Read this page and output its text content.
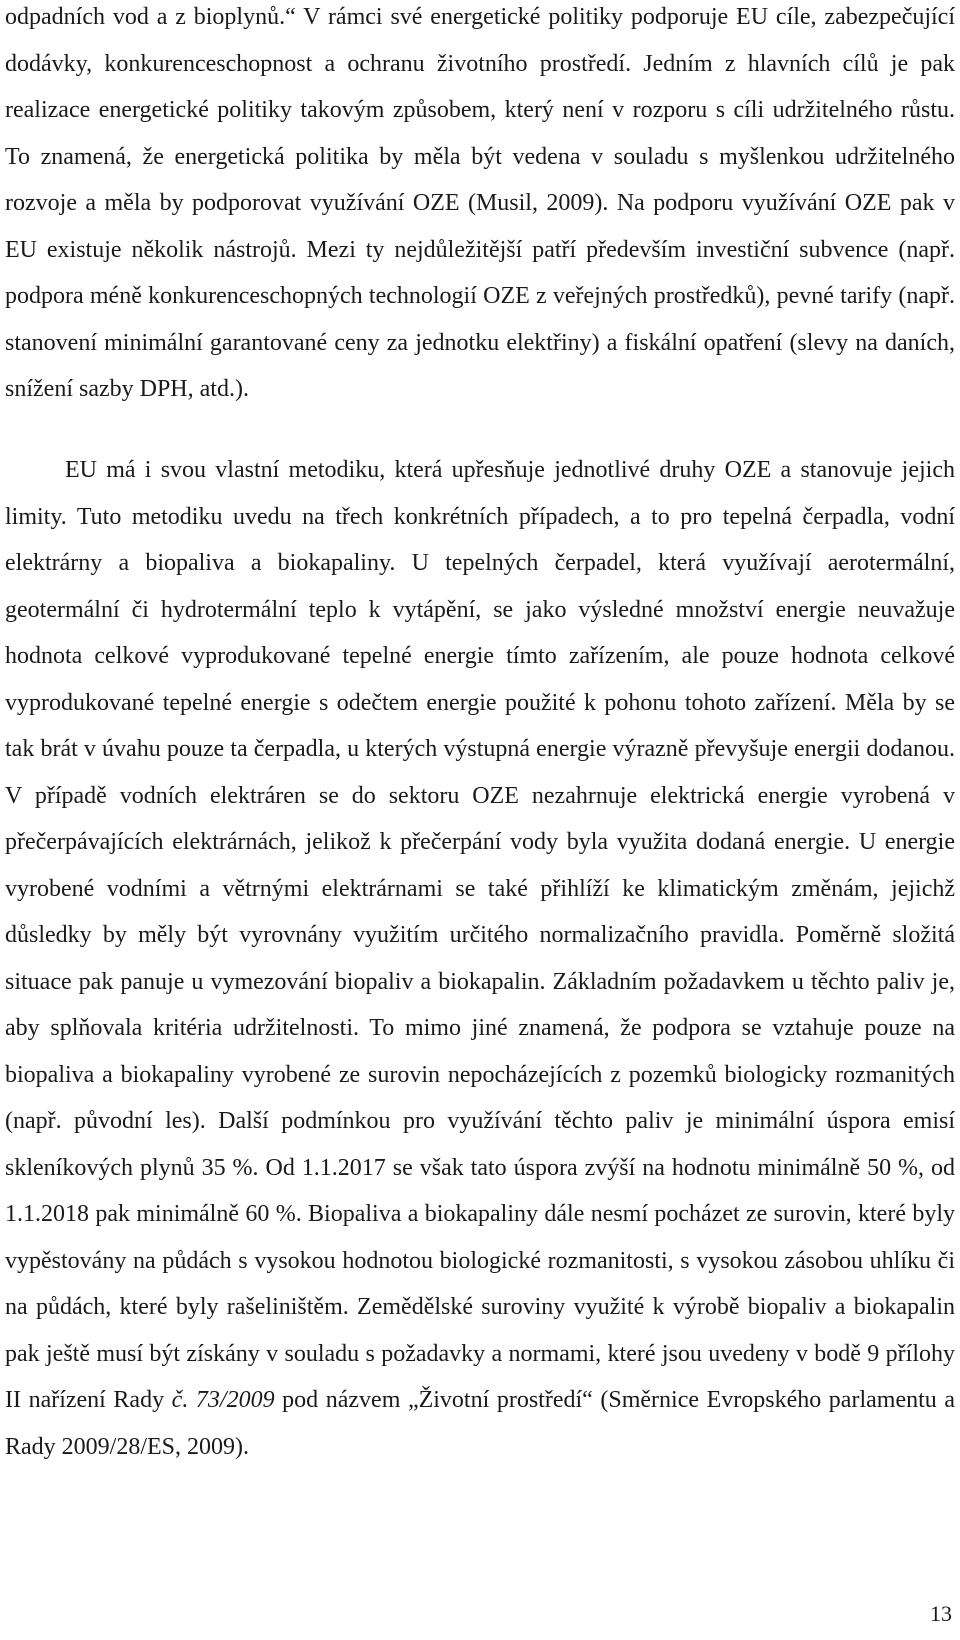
odpadních vod a z bioplynů.“ V rámci své energetické politiky podporuje EU cíle, zabezpečující dodávky, konkurenceschopnost a ochranu životního prostředí. Jedním z hlavních cílů je pak realizace energetické politiky takovým způsobem, který není v rozporu s cíli udržitelného růstu. To znamená, že energetická politika by měla být vedena v souladu s myšlenkou udržitelného rozvoje a měla by podporovat využívání OZE (Musil, 2009). Na podporu využívání OZE pak v EU existuje několik nástrojů. Mezi ty nejdůležitější patří především investiční subvence (např. podpora méně konkurenceschopných technologií OZE z veřejných prostředků), pevné tarify (např. stanovení minimální garantované ceny za jednotku elektřiny) a fiskální opatření (slevy na daních, snížení sazby DPH, atd.).

EU má i svou vlastní metodiku, která upřesňuje jednotlivé druhy OZE a stanovuje jejich limity. Tuto metodiku uvedu na třech konkrétních případech, a to pro tepelná čerpadla, vodní elektrárny a biopaliva a biokapaliny. U tepelných čerpadel, která využívají aerotermální, geotermální či hydrotermální teplo k vytápění, se jako výsledné množství energie neuvažuje hodnota celkové vyprodukované tepelné energie tímto zařízením, ale pouze hodnota celkové vyprodukované tepelné energie s odečtem energie použité k pohonu tohoto zařízení. Měla by se tak brát v úvahu pouze ta čerpadla, u kterých výstupná energie výrazně převyšuje energii dodanou. V případě vodních elektráren se do sektoru OZE nezahrnuje elektrická energie vyrobená v přečerpávajících elektrárnách, jelikož k přečerpání vody byla využita dodaná energie. U energie vyrobené vodními a větrnými elektrárnami se také přihlíží ke klimatickým změnám, jejichž důsledky by měly být vyrovnány využitím určitého normalizačního pravidla. Poměrně složitá situace pak panuje u vymezování biopaliv a biokapalin. Základním požadavkem u těchto paliv je, aby splňovala kritéria udržitelnosti. To mimo jiné znamená, že podpora se vztahuje pouze na biopaliva a biokapaliny vyrobené ze surovin nepocházejících z pozemků biologicky rozmanitých (např. původní les). Další podmínkou pro využívání těchto paliv je minimální úspora emisí skleníkových plynů 35 %. Od 1.1.2017 se však tato úspora zvýší na hodnotu minimálně 50 %, od 1.1.2018 pak minimálně 60 %. Biopaliva a biokapaliny dále nesmí pocházet ze surovin, které byly vypěstovány na půdách s vysokou hodnotou biologické rozmanitosti, s vysokou zásobou uhlíku či na půdách, které byly rašeliništěm. Zemědělské suroviny využité k výrobě biopaliv a biokapalin pak ještě musí být získány v souladu s požadavky a normami, které jsou uvedeny v bodě 9 přílohy II nařízení Rady č. 73/2009 pod názvem „Životní prostředí“ (Směrnice Evropského parlamentu a Rady 2009/28/ES, 2009).

13
